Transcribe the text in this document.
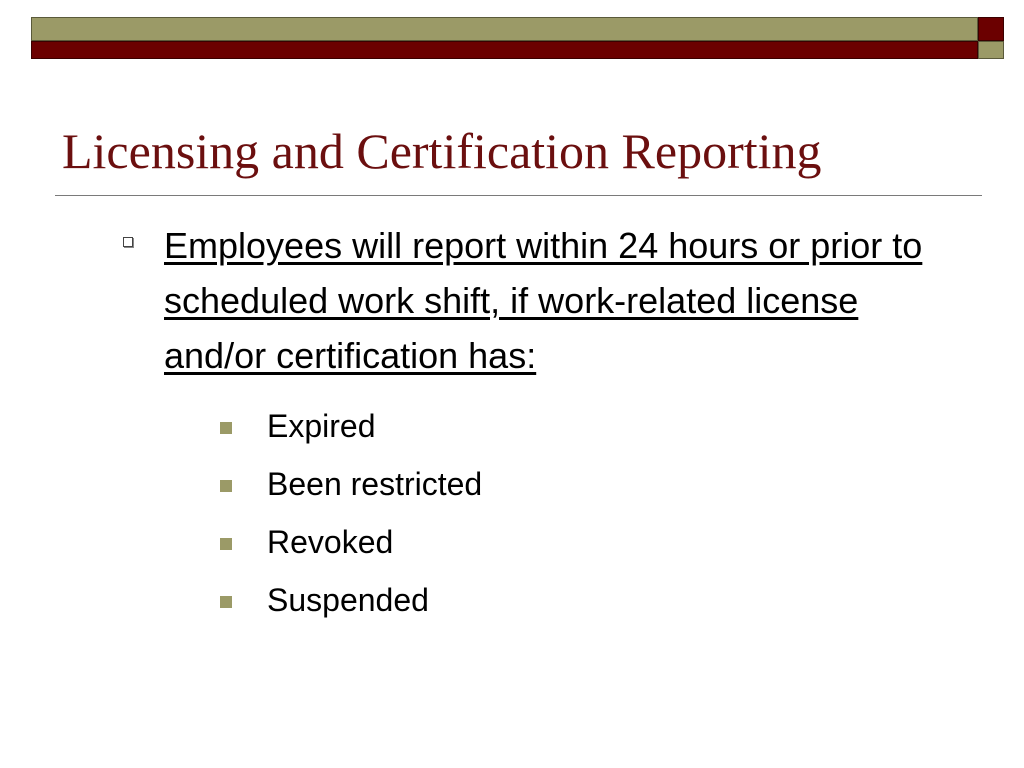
Licensing and Certification Reporting

Employees will report within 24 hours or prior to scheduled work shift, if work-related license and/or certification has:

Expired
Been restricted
Revoked
Suspended
